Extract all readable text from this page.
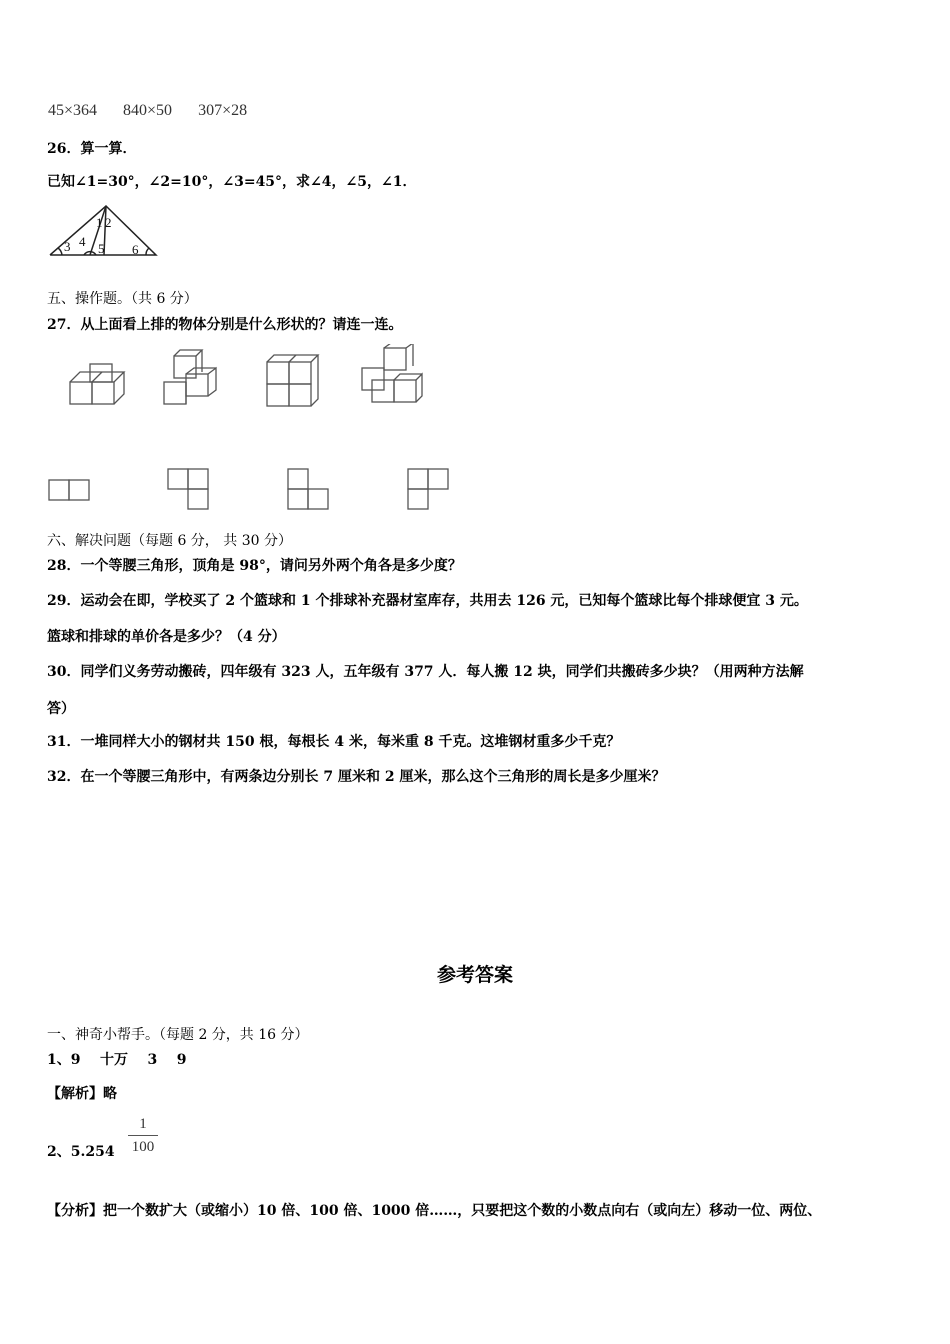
45×364 840×50 307×28
26．算一算．
已知∠1=30°，∠2=10°，∠3=45°，求∠4，∠5，∠1．
1 2
3 4 5 6
五、操作题。（共 6 分）
27．从上面看上排的物体分别是什么形状的？请连一连。
六、解决问题（每题 6 分， 共 30 分）
28．一个等腰三角形，顶角是 98°，请问另外两个角各是多少度？
29．运动会在即，学校买了 2 个篮球和 1 个排球补充器材室库存，共用去 126 元，已知每个篮球比每个排球便宜 3 元。
篮球和排球的单价各是多少？（4 分）
30．同学们义务劳动搬砖，四年级有 323 人，五年级有 377 人．每人搬 12 块，同学们共搬砖多少块？（用两种方法解
答）
31．一堆同样大小的钢材共 150 根，每根长 4 米，每米重 8 千克。这堆钢材重多少千克？
32．在一个等腰三角形中，有两条边分别长 7 厘米和 2 厘米，那么这个三角形的周长是多少厘米？
参考答案
一、神奇小帮手。（每题 2 分，共 16 分）
1、9    十万    3    9
【解析】略
2、5.254
1
100
【分析】把一个数扩大（或缩小）10 倍、100 倍、1000 倍……，只要把这个数的小数点向右（或向左）移动一位、两位、
